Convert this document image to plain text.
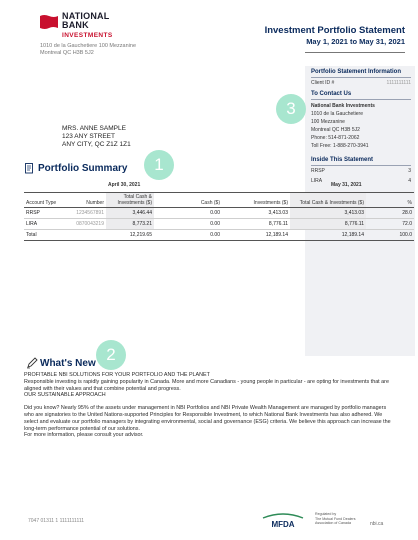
NATIONAL
BANK
INVESTMENTS
1010 de la Gauchetiere 100 Mezzanine
Montreal QC H3B 5J2
Investment Portfolio Statement
May 1, 2021 to May 31, 2021
Portfolio Statement Information
Client ID #	1111111111
To Contact Us
National Bank Investments
1010 de la Gauchetiere
100 Mezzanine
Montreal QC H3B 5J2
Phone: 514-871-2062
Toll Free: 1-888-270-3941
Inside This Statement
RRSP	3
LIRA	4
3
1
2
MRS. ANNE SAMPLE
123 ANY STREET
ANY CITY, QC Z1Z 1Z1
Portfolio Summary
April 30, 2021	May 31, 2021
Account Type	Number	Total Cash & Investments ($)	Cash ($)	Investments ($)	Total Cash & Investments ($)	%
RRSP	1234567891	3,446.44	0.00	3,413.03	3,413.03	28.0
LIRA	0870043219	8,773.21	0.00	8,776.11	8,776.11	72.0
Total		12,219.65	0.00	12,189.14	12,189.14	100.0
What's New

PROFITABLE NBI SOLUTIONS FOR YOUR PORTFOLIO AND THE PLANET

Responsible investing is rapidly gaining popularity in Canada. More and more Canadians - young people in particular - are opting for investments that are

aligned with their values and that combine potential and progress.

OUR SUSTAINABLE APPROACH

Did you know? Nearly 95% of the assets under management in NBI Portfolios and NBI Private Wealth Management are managed by portfolio managers

who are signatories to the United Nations-supported Principles for Responsible Investment, to which National Bank Investments has also adhered. We

select and evaluate our portfolio managers by integrating environmental, social and governance (ESG) criteria. We believe this approach can increase the

long-term performance potential of our solutions.

For more information, please consult your advisor.

7047 01311 1 1111111111	MFDA
Regulated by
The Mutual Fund Dealers
Association of Canada	nbi.ca
